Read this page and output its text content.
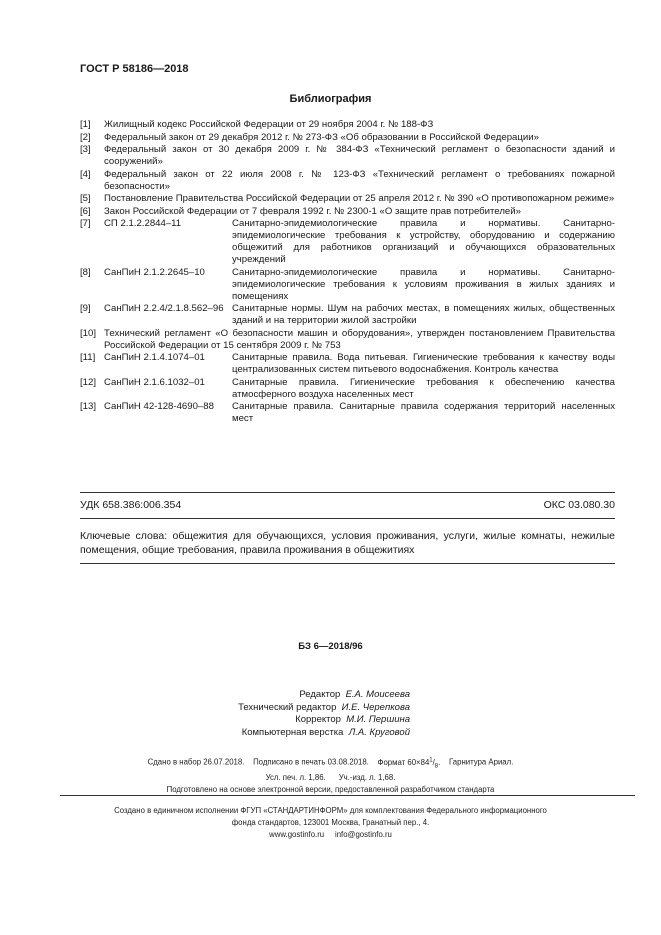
ГОСТ Р 58186—2018
Библиография
[1]	Жилищный кодекс Российской Федерации от 29 ноября 2004 г. № 188-ФЗ
[2]	Федеральный закон от 29 декабря 2012 г. № 273-ФЗ «Об образовании в Российской Федерации»
[3]	Федеральный закон от 30 декабря 2009 г. № 384-ФЗ «Технический регламент о безопасности зданий и сооружений»
[4]	Федеральный закон от 22 июля 2008 г. № 123-ФЗ «Технический регламент о требованиях пожарной безопасности»
[5]	Постановление Правительства Российской Федерации от 25 апреля 2012 г. № 390 «О противопожарном режиме»
[6]	Закон Российской Федерации от 7 февраля 1992 г. № 2300-1 «О защите прав потребителей»
[7]	СП 2.1.2.2844–11	Санитарно-эпидемиологические правила и нормативы. Санитарно-эпидемиологические требования к устройству, оборудованию и содержанию общежитий для работников организаций и обучающихся образовательных учреждений
[8]	СанПиН 2.1.2.2645–10	Санитарно-эпидемиологические правила и нормативы. Санитарно-эпидемиологические требования к условиям проживания в жилых зданиях и помещениях
[9]	СанПиН 2.2.4/2.1.8.562–96 Санитарные нормы. Шум на рабочих местах, в помещениях жилых, общественных зданий и на территории жилой застройки
[10] Технический регламент «О безопасности машин и оборудования», утвержден постановлением Правительства Российской Федерации от 15 сентября 2009 г. № 753
[11] СанПиН 2.1.4.1074–01	Санитарные правила. Вода питьевая. Гигиенические требования к качеству воды централизованных систем питьевого водоснабжения. Контроль качества
[12] СанПиН 2.1.6.1032–01	Санитарные правила. Гигиенические требования к обеспечению качества атмосферного воздуха населенных мест
[13] СанПиН 42-128-4690–88	Санитарные правила. Санитарные правила содержания территорий населенных мест
УДК 658.386:006.354	ОКС 03.080.30
Ключевые слова: общежития для обучающихся, условия проживания, услуги, жилые комнаты, нежилые помещения, общие требования, правила проживания в общежитиях
БЗ 6—2018/96
Редактор Е.А. Моисеева
Технический редактор И.Е. Черепкова
Корректор М.И. Першина
Компьютерная верстка Л.А. Круговой
Сдано в набор 26.07.2018. Подписано в печать 03.08.2018. Формат $60\times 84^1/_8$. Гарнитура Ариал.
Усл. печ. л. 1,86. Уч.-изд. л. 1,68.
Подготовлено на основе электронной версии, предоставленной разработчиком стандарта
Создано в единичном исполнении ФГУП «СТАНДАРТИНФОРМ» для комплектования Федерального информационного
фонда стандартов, 123001 Москва, Гранатный пер., 4.
www.gostinfo.ru info@gostinfo.ru
